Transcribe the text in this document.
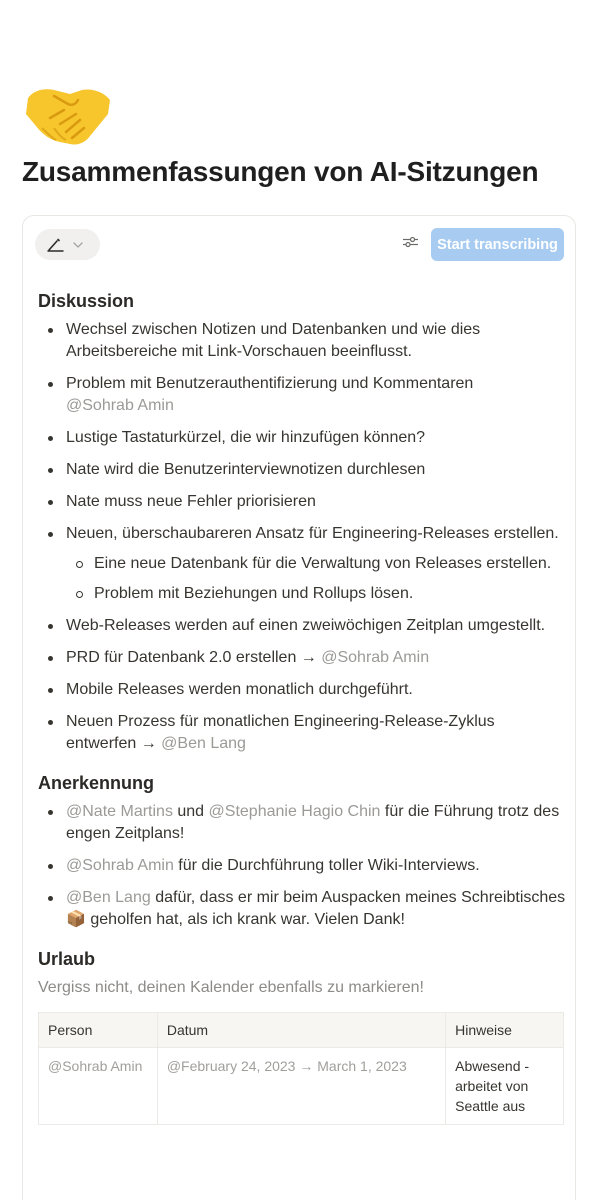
Zusammenfassungen von AI-Sitzungen
Start transcribing
Diskussion
Wechsel zwischen Notizen und Datenbanken und wie dies Arbeitsbereiche mit Link-Vorschauen beeinflusst.
Problem mit Benutzerauthentifizierung und Kommentaren
@Sohrab Amin
Lustige Tastaturkürzel, die wir hinzufügen können?
Nate wird die Benutzerinterviewnotizen durchlesen
Nate muss neue Fehler priorisieren
Neuen, überschaubareren Ansatz für Engineering-Releases erstellen.
Eine neue Datenbank für die Verwaltung von Releases erstellen.
Problem mit Beziehungen und Rollups lösen.
Web-Releases werden auf einen zweiwöchigen Zeitplan umgestellt.
PRD für Datenbank 2.0 erstellen → @Sohrab Amin
Mobile Releases werden monatlich durchgeführt.
Neuen Prozess für monatlichen Engineering-Release-Zyklus entwerfen → @Ben Lang
Anerkennung
@Nate Martins und @Stephanie Hagio Chin für die Führung trotz des engen Zeitplans!
@Sohrab Amin für die Durchführung toller Wiki-Interviews.
@Ben Lang dafür, dass er mir beim Auspacken meines Schreibtisches 📦 geholfen hat, als ich krank war. Vielen Dank!
Urlaub

Vergiss nicht, deinen Kalender ebenfalls zu markieren!

Person	Datum	Hinweise
@Sohrab Amin	@February 24, 2023 → March 1, 2023	Abwesend - arbeitet von Seattle aus
